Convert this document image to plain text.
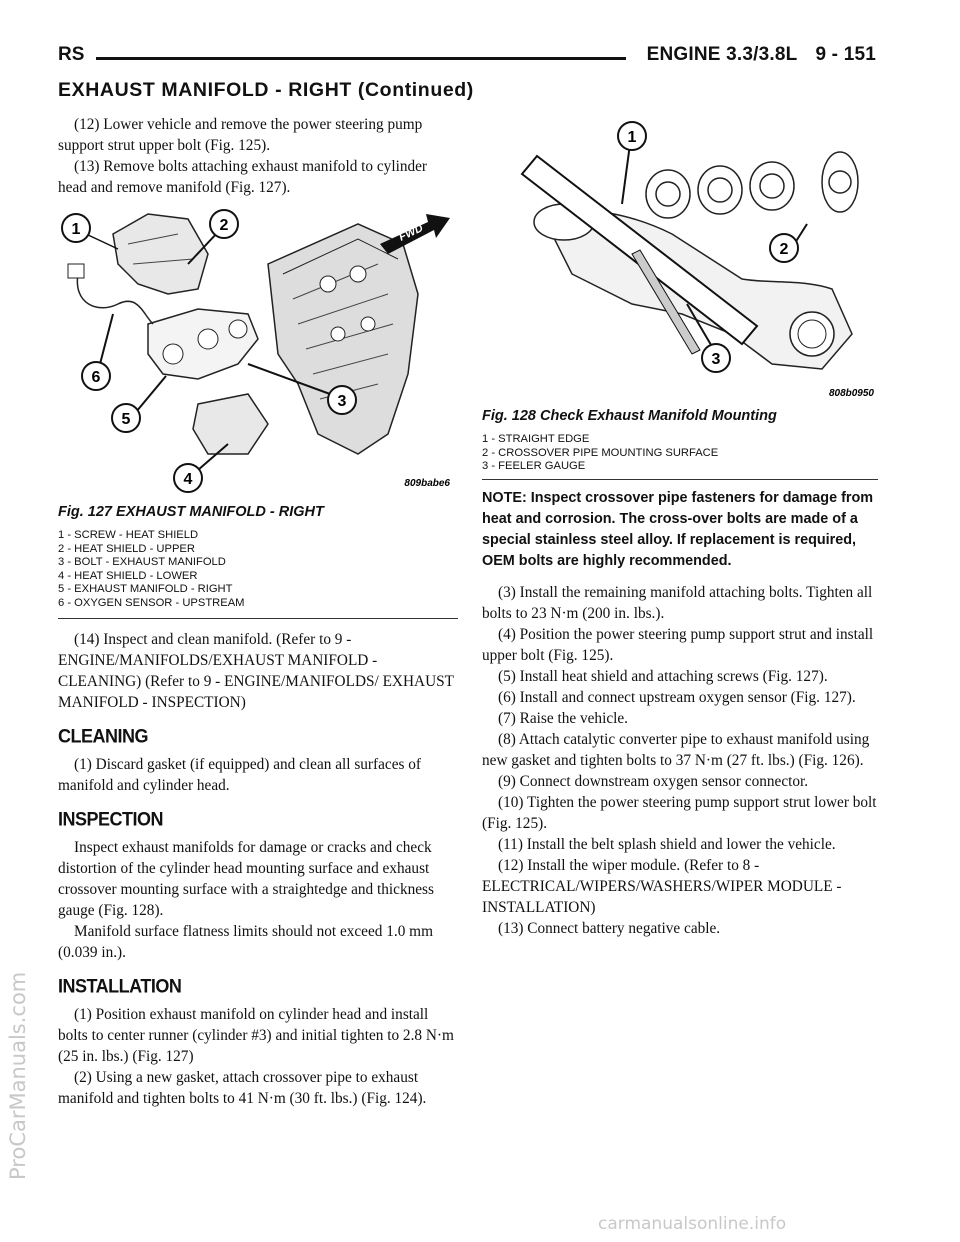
RS	ENGINE 3.3/3.8L 9 - 151
EXHAUST MANIFOLD - RIGHT (Continued)

(12) Lower vehicle and remove the power steering pump support strut upper bolt (Fig. 125).

(13) Remove bolts attaching exhaust manifold to cylinder head and remove manifold (Fig. 127).

FWD
1	2
3
4
5
6
809babe6
Fig. 127 EXHAUST MANIFOLD - RIGHT
1 - SCREW - HEAT SHIELD
2 - HEAT SHIELD - UPPER
3 - BOLT - EXHAUST MANIFOLD
4 - HEAT SHIELD - LOWER
5 - EXHAUST MANIFOLD - RIGHT
6 - OXYGEN SENSOR - UPSTREAM

(14) Inspect and clean manifold. (Refer to 9 - ENGINE/MANIFOLDS/EXHAUST MANIFOLD - CLEANING) (Refer to 9 - ENGINE/MANIFOLDS/ EXHAUST MANIFOLD - INSPECTION)

CLEANING

(1) Discard gasket (if equipped) and clean all surfaces of manifold and cylinder head.

INSPECTION

Inspect exhaust manifolds for damage or cracks and check distortion of the cylinder head mounting surface and exhaust crossover mounting surface with a straightedge and thickness gauge (Fig. 128).

Manifold surface flatness limits should not exceed 1.0 mm (0.039 in.).

INSTALLATION

(1) Position exhaust manifold on cylinder head and install bolts to center runner (cylinder #3) and initial tighten to 2.8 N·m (25 in. lbs.) (Fig. 127)

(2) Using a new gasket, attach crossover pipe to exhaust manifold and tighten bolts to 41 N·m (30 ft. lbs.) (Fig. 124).

1
2
3
808b0950
Fig. 128 Check Exhaust Manifold Mounting
1 - STRAIGHT EDGE
2 - CROSSOVER PIPE MOUNTING SURFACE
3 - FEELER GAUGE

NOTE: Inspect crossover pipe fasteners for damage from heat and corrosion. The cross-over bolts are made of a special stainless steel alloy. If replacement is required, OEM bolts are highly recommended.

(3) Install the remaining manifold attaching bolts. Tighten all bolts to 23 N·m (200 in. lbs.).

(4) Position the power steering pump support strut and install upper bolt (Fig. 125).

(5) Install heat shield and attaching screws (Fig. 127).

(6) Install and connect upstream oxygen sensor (Fig. 127).

(7) Raise the vehicle.

(8) Attach catalytic converter pipe to exhaust manifold using new gasket and tighten bolts to 37 N·m (27 ft. lbs.) (Fig. 126).

(9) Connect downstream oxygen sensor connector.

(10) Tighten the power steering pump support strut lower bolt (Fig. 125).

(11) Install the belt splash shield and lower the vehicle.

(12) Install the wiper module. (Refer to 8 - ELECTRICAL/WIPERS/WASHERS/WIPER MODULE - INSTALLATION)

(13) Connect battery negative cable.

ProCarManuals.com
carmanualsonline.info
